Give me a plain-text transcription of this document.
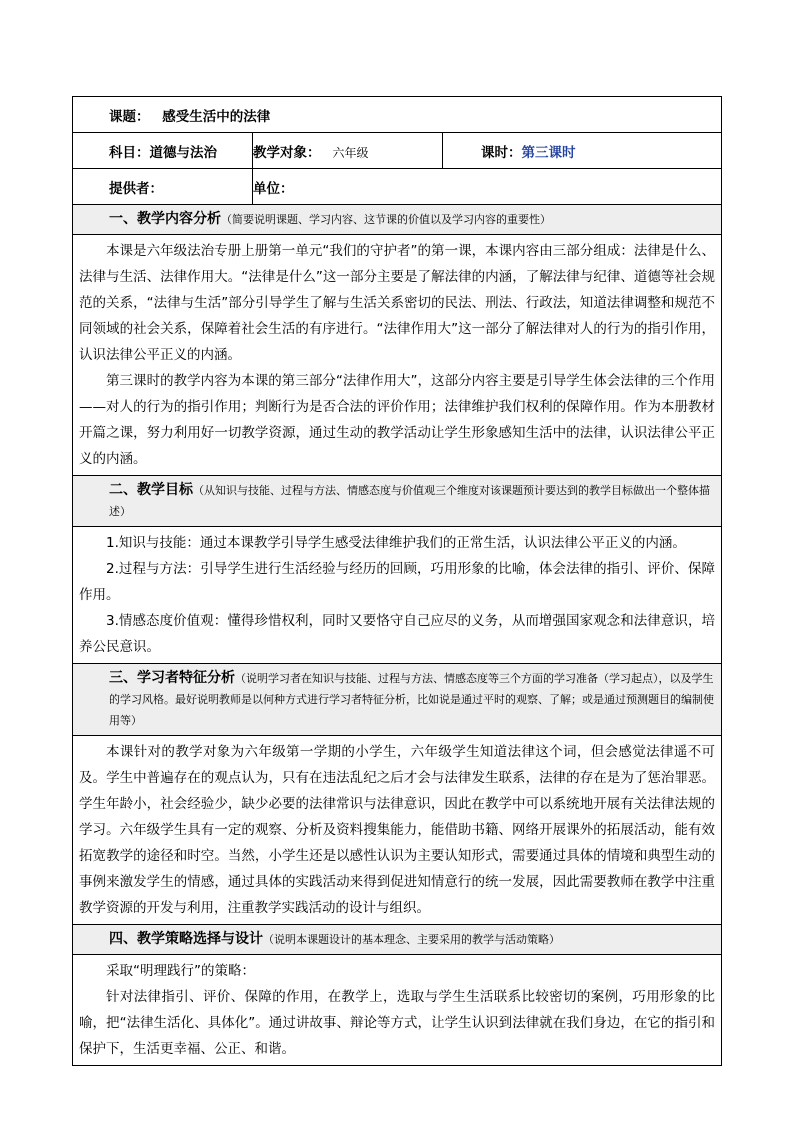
课题： 感受生活中的法律		
科目：道德与法治	教学对象： 六年级	课时：第三课时
提供者：	单位：	
一、教学内容分析（简要说明课题、学习内容、这节课的价值以及学习内容的重要性）		

本课是六年级法治专册上册第一单元“我们的守护者”的第一课，本课内容由三部分组成：法律是什么、法律与生活、法律作用大。“法律是什么”这一部分主要是了解法律的内涵，了解法律与纪律、道德等社会规范的关系，“法律与生活”部分引导学生了解与生活关系密切的民法、刑法、行政法，知道法律调整和规范不同领域的社会关系，保障着社会生活的有序进行。“法律作用大”这一部分了解法律对人的行为的指引作用，认识法律公平正义的内涵。

第三课时的教学内容为本课的第三部分“法律作用大”，这部分内容主要是引导学生体会法律的三个作用——对人的行为的指引作用；判断行为是否合法的评价作用；法律维护我们权利的保障作用。作为本册教材开篇之课，努力利用好一切教学资源，通过生动的教学活动让学生形象感知生活中的法律，认识法律公平正义的内涵。		

二、教学目标（从知识与技能、过程与方法、情感态度与价值观三个维度对该课题预计要达到的教学目标做出一个整体描述）		

1.知识与技能：通过本课教学引导学生感受法律维护我们的正常生活，认识法律公平正义的内涵。

2.过程与方法：引导学生进行生活经验与经历的回顾，巧用形象的比喻，体会法律的指引、评价、保障作用。

3.情感态度价值观：懂得珍惜权利，同时又要恪守自己应尽的义务，从而增强国家观念和法律意识，培养公民意识。		

三、学习者特征分析（说明学习者在知识与技能、过程与方法、情感态度等三个方面的学习准备（学习起点），以及学生的学习风格。最好说明教师是以何种方式进行学习者特征分析，比如说是通过平时的观察、了解；或是通过预测题目的编制使用等）		

本课针对的教学对象为六年级第一学期的小学生，六年级学生知道法律这个词，但会感觉法律遥不可及。学生中普遍存在的观点认为，只有在违法乱纪之后才会与法律发生联系，法律的存在是为了惩治罪恶。学生年龄小，社会经验少，缺少必要的法律常识与法律意识，因此在教学中可以系统地开展有关法律法规的学习。六年级学生具有一定的观察、分析及资料搜集能力，能借助书籍、网络开展课外的拓展活动，能有效拓宽教学的途径和时空。当然，小学生还是以感性认识为主要认知形式，需要通过具体的情境和典型生动的事例来激发学生的情感，通过具体的实践活动来得到促进知情意行的统一发展，因此需要教师在教学中注重教学资源的开发与利用，注重教学实践活动的设计与组织。		

四、教学策略选择与设计（说明本课题设计的基本理念、主要采用的教学与活动策略）		

采取“明理践行”的策略：

针对法律指引、评价、保障的作用，在教学上，选取与学生生活联系比较密切的案例，巧用形象的比喻，把“法律生活化、具体化”。通过讲故事、辩论等方式，让学生认识到法律就在我们身边，在它的指引和保护下，生活更幸福、公正、和谐。		
